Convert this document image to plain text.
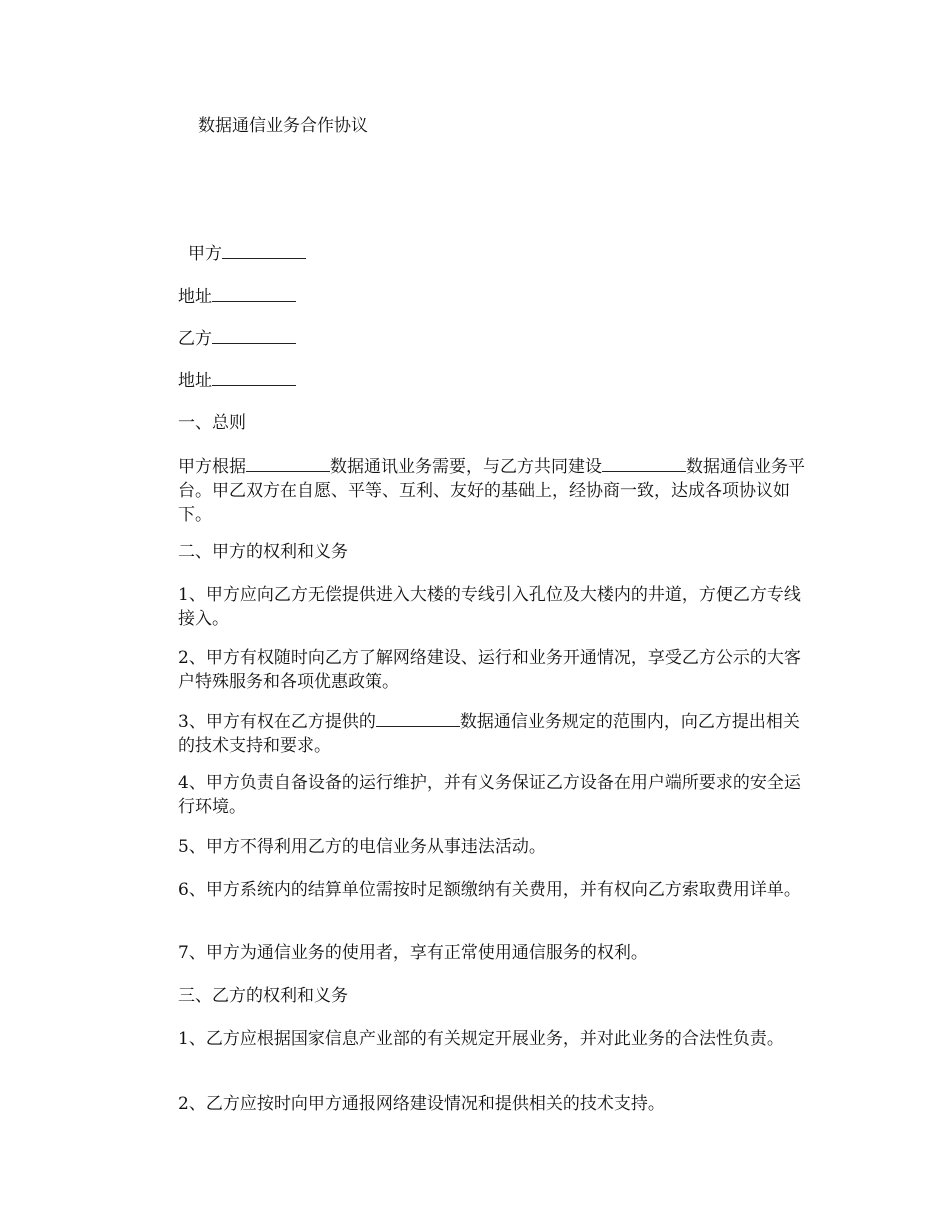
数据通信业务合作协议
甲方
地址
乙方
地址
一、总则
甲方根据	数据通讯业务需要，与乙方共同建设	数据通信业务平台。甲乙双方在自愿、平等、互利、友好的基础上，经协商一致，达成各项协议如下。
二、甲方的权利和义务
1、甲方应向乙方无偿提供进入大楼的专线引入孔位及大楼内的井道，方便乙方专线接入。
2、甲方有权随时向乙方了解网络建设、运行和业务开通情况，享受乙方公示的大客户特殊服务和各项优惠政策。
3、甲方有权在乙方提供的	数据通信业务规定的范围内，向乙方提出相关的技术支持和要求。
4、甲方负责自备设备的运行维护，并有义务保证乙方设备在用户端所要求的安全运行环境。
5、甲方不得利用乙方的电信业务从事违法活动。
6、甲方系统内的结算单位需按时足额缴纳有关费用，并有权向乙方索取费用详单。
7、甲方为通信业务的使用者，享有正常使用通信服务的权利。
三、乙方的权利和义务
1、乙方应根据国家信息产业部的有关规定开展业务，并对此业务的合法性负责。
2、乙方应按时向甲方通报网络建设情况和提供相关的技术支持。
